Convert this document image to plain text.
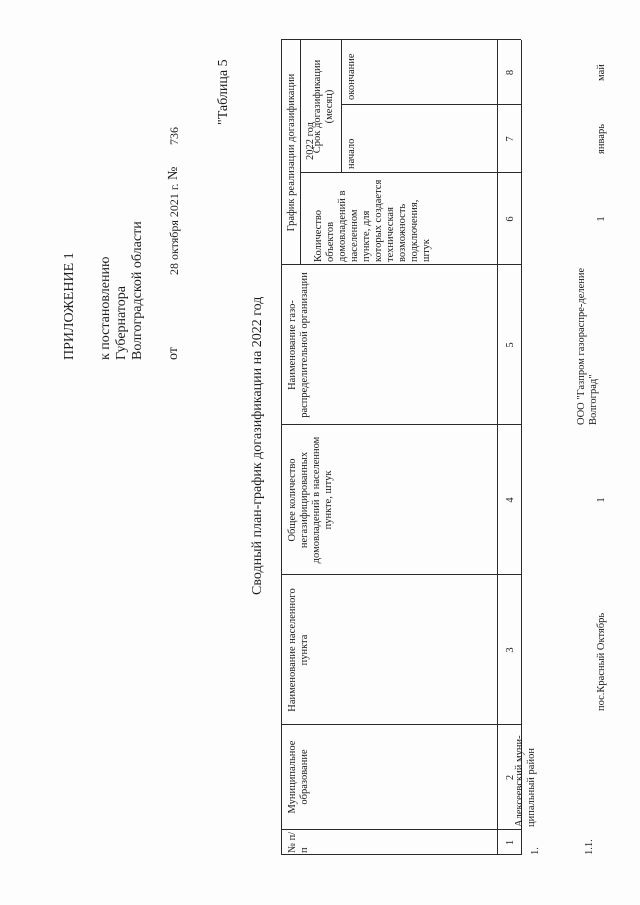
ПРИЛОЖЕНИЕ 1 к постановлению Губернатора Волгоградской области от
28 октября 2021 г.
№
736
"Таблица 5
Сводный план-график догазификации на 2022 год
№ п/п
Муниципальное образование
Наименование населенного пункта
Общее количество негазифицированных домовладений в населенном пункте, штук
Наименование газо-распределительной организации
График реализации догазификации 2022 год
Количество объектов домовладений в населенном пункте, для которых создается техническая возможность подключения, штук
Срок догазификации (месяц)
начало
окончание
1
2
3
4
5
6
7
8
1.
Алексеевский муни-ципальный район
1.1.
пос.Красный Октябрь
1
ООО "Газпром газораспре-деление Волгоград"
1
январь
май
